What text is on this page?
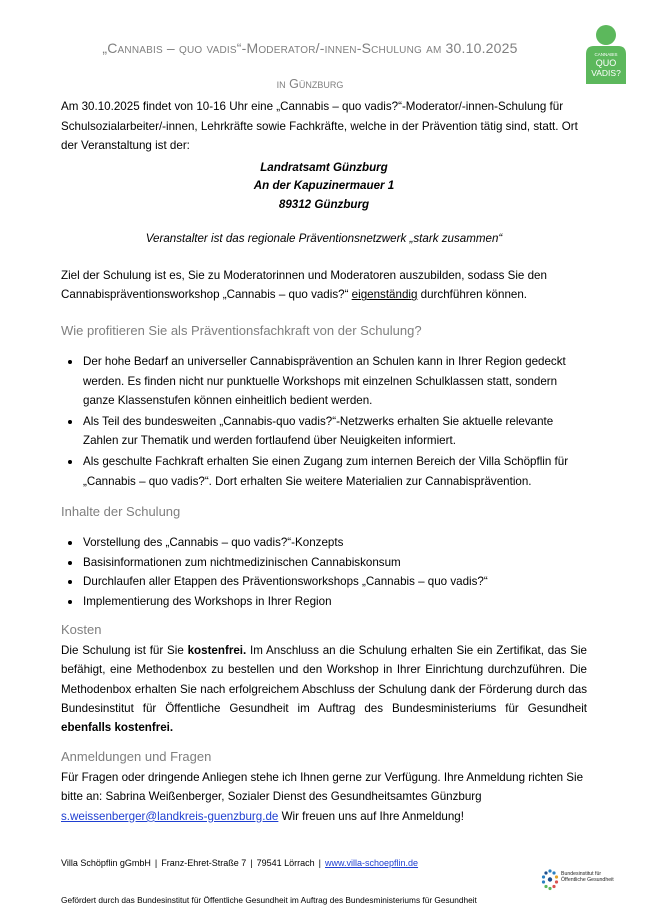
„Cannabis – quo vadis“-Moderator/-innen-Schulung am 30.10.2025
in Günzburg
CANNABIS
QUO
VADIS?

Am 30.10.2025 findet von 10-16 Uhr eine „Cannabis – quo vadis?“-Moderator/-innen-Schulung für Schulsozialarbeiter/-innen, Lehrkräfte sowie Fachkräfte, welche in der Prävention tätig sind, statt. Ort der Veranstaltung ist der:

Landratsamt Günzburg
An der Kapuzinermauer 1
89312 Günzburg

Veranstalter ist das regionale Präventionsnetzwerk „stark zusammen“

Ziel der Schulung ist es, Sie zu Moderatorinnen und Moderatoren auszubilden, sodass Sie den Cannabispräventionsworkshop „Cannabis – quo vadis?“ eigenständig durchführen können.

Wie profitieren Sie als Präventionsfachkraft von der Schulung?
Der hohe Bedarf an universeller Cannabisprävention an Schulen kann in Ihrer Region gedeckt werden. Es finden nicht nur punktuelle Workshops mit einzelnen Schulklassen statt, sondern ganze Klassenstufen können einheitlich bedient werden.
Als Teil des bundesweiten „Cannabis-quo vadis?“-Netzwerks erhalten Sie aktuelle relevante Zahlen zur Thematik und werden fortlaufend über Neuigkeiten informiert.
Als geschulte Fachkraft erhalten Sie einen Zugang zum internen Bereich der Villa Schöpflin für „Cannabis – quo vadis?“. Dort erhalten Sie weitere Materialien zur Cannabisprävention.
Inhalte der Schulung
Vorstellung des „Cannabis – quo vadis?“-Konzepts
Basisinformationen zum nichtmedizinischen Cannabiskonsum
Durchlaufen aller Etappen des Präventionsworkshops „Cannabis – quo vadis?“
Implementierung des Workshops in Ihrer Region
Kosten

Die Schulung ist für Sie kostenfrei. Im Anschluss an die Schulung erhalten Sie ein Zertifikat, das Sie befähigt, eine Methodenbox zu bestellen und den Workshop in Ihrer Einrichtung durchzuführen. Die Methodenbox erhalten Sie nach erfolgreichem Abschluss der Schulung dank der Förderung durch das Bundesinstitut für Öffentliche Gesundheit im Auftrag des Bundesministeriums für Gesundheit ebenfalls kostenfrei.

Anmeldungen und Fragen

Für Fragen oder dringende Anliegen stehe ich Ihnen gerne zur Verfügung. Ihre Anmeldung richten Sie bitte an: Sabrina Weißenberger, Sozialer Dienst des Gesundheitsamtes Günzburg s.weissenberger@landkreis-guenzburg.de Wir freuen uns auf Ihre Anmeldung!

Villa Schöpflin gGmbH | Franz-Ehret-Straße 7 | 79541 Lörrach | www.villa-schoepflin.de
Bundesinstitut für
Öffentliche Gesundheit
Gefördert durch das Bundesinstitut für Öffentliche Gesundheit im Auftrag des Bundesministeriums für Gesundheit
